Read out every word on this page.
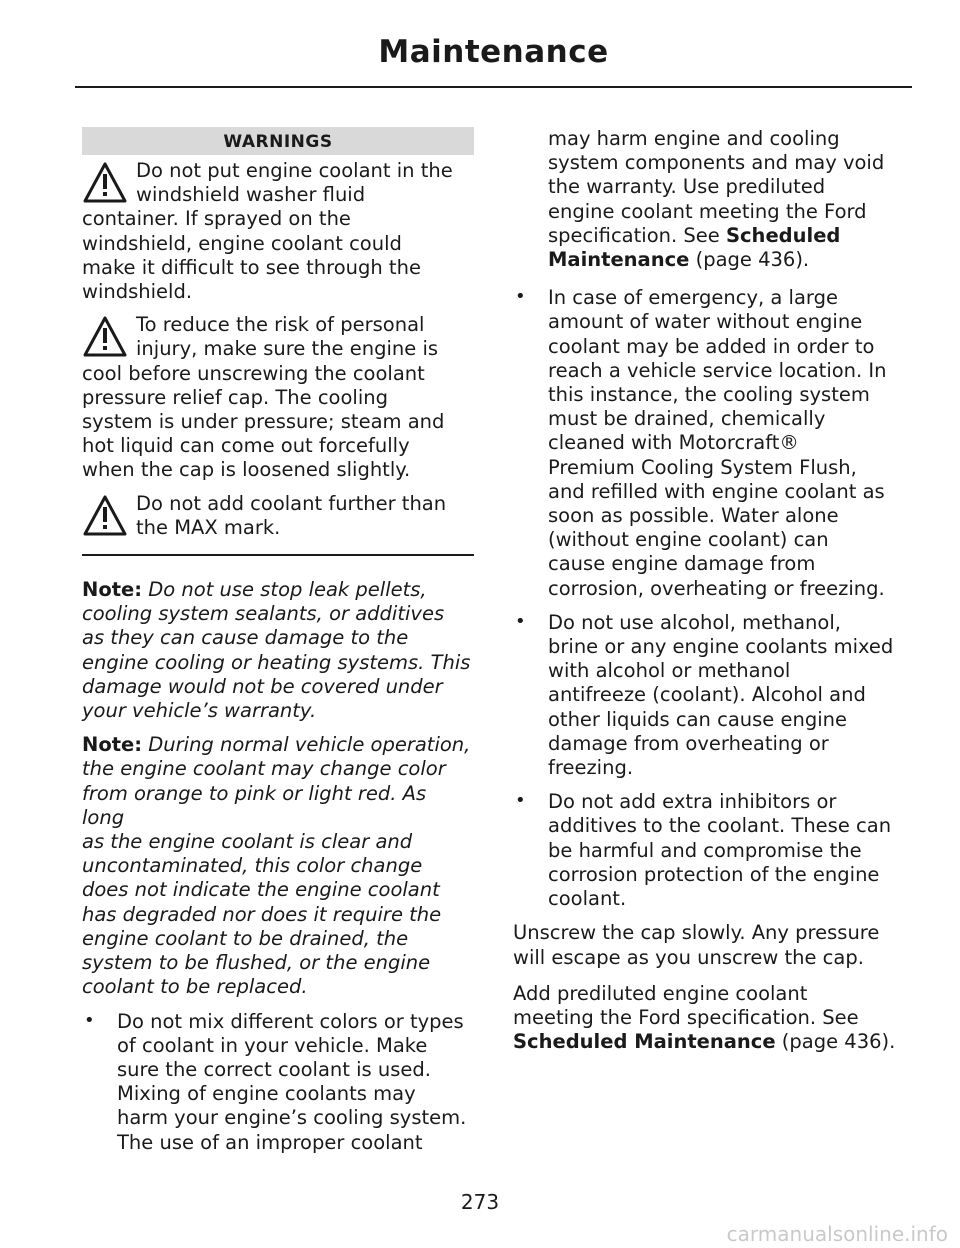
Maintenance
WARNINGS

Do not put engine coolant in the
windshield washer fluid
container. If sprayed on the
windshield, engine coolant could
make it difficult to see through the
windshield.

To reduce the risk of personal
injury, make sure the engine is
cool before unscrewing the coolant
pressure relief cap. The cooling
system is under pressure; steam and
hot liquid can come out forcefully
when the cap is loosened slightly.

Do not add coolant further than
the MAX mark.

Note: Do not use stop leak pellets,
cooling system sealants, or additives
as they can cause damage to the
engine cooling or heating systems. This
damage would not be covered under
your vehicle’s warranty.

Note: During normal vehicle operation,
the engine coolant may change color
from orange to pink or light red. As long
as the engine coolant is clear and
uncontaminated, this color change
does not indicate the engine coolant
has degraded nor does it require the
engine coolant to be drained, the
system to be flushed, or the engine
coolant to be replaced.

• Do not mix different colors or types
of coolant in your vehicle. Make
sure the correct coolant is used.
Mixing of engine coolants may
harm your engine’s cooling system.
The use of an improper coolant

may harm engine and cooling
system components and may void
the warranty. Use prediluted
engine coolant meeting the Ford
specification. See Scheduled
Maintenance (page 436).

• In case of emergency, a large
amount of water without engine
coolant may be added in order to
reach a vehicle service location. In
this instance, the cooling system
must be drained, chemically
cleaned with Motorcraft®
Premium Cooling System Flush,
and refilled with engine coolant as
soon as possible. Water alone
(without engine coolant) can
cause engine damage from
corrosion, overheating or freezing.

• Do not use alcohol, methanol,
brine or any engine coolants mixed
with alcohol or methanol
antifreeze (coolant). Alcohol and
other liquids can cause engine
damage from overheating or
freezing.

• Do not add extra inhibitors or
additives to the coolant. These can
be harmful and compromise the
corrosion protection of the engine
coolant.

Unscrew the cap slowly. Any pressure
will escape as you unscrew the cap.

Add prediluted engine coolant
meeting the Ford specification. See
Scheduled Maintenance (page 436).

273
carmanualsonline.info
